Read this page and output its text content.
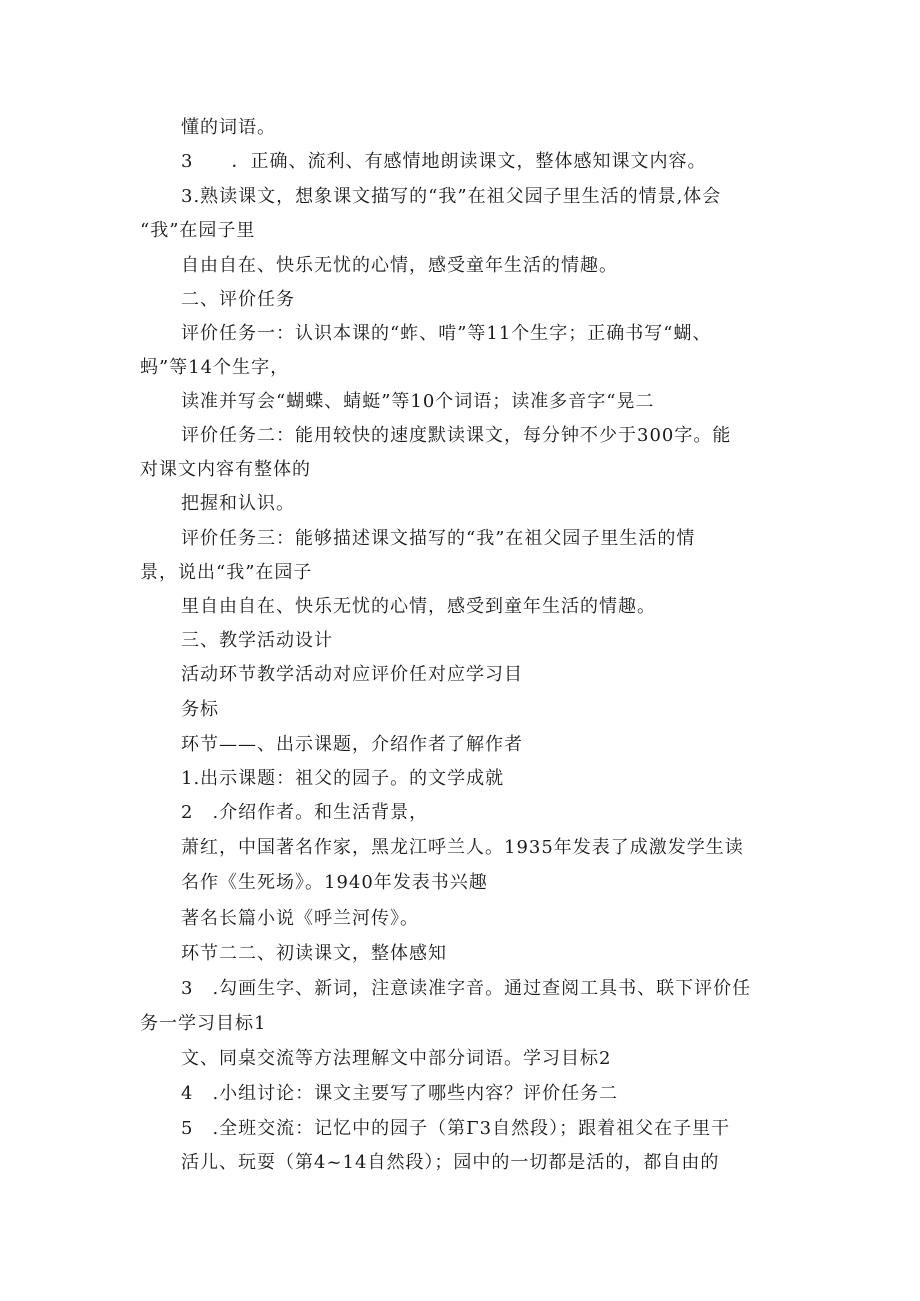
懂的词语。
3　　．正确、流利、有感情地朗读课文，整体感知课文内容。
3.熟读课文，想象课文描写的“我”在祖父园子里生活的情景,体会
“我”在园子里
自由自在、快乐无忧的心情，感受童年生活的情趣。
二、评价任务
评价任务一：认识本课的“蚱、啃”等11个生字；正确书写“蝴、
蚂”等14个生字，
读准并写会“蝴蝶、蜻蜓”等10个词语；读准多音字“晃二
评价任务二：能用较快的速度默读课文，每分钟不少于300字。能
对课文内容有整体的
把握和认识。
评价任务三：能够描述课文描写的“我”在祖父园子里生活的情
景，说出“我”在园子
里自由自在、快乐无忧的心情，感受到童年生活的情趣。
三、教学活动设计
活动环节教学活动对应评价任对应学习目
务标
环节——、出示课题，介绍作者了解作者
1.出示课题：祖父的园子。的文学成就
2　.介绍作者。和生活背景，
萧红，中国著名作家，黑龙江呼兰人。1935年发表了成激发学生读
名作《生死场》。1940年发表书兴趣
著名长篇小说《呼兰河传》。
环节二二、初读课文，整体感知
3　.勾画生字、新词，注意读准字音。通过查阅工具书、联下评价任
务一学习目标1
文、同桌交流等方法理解文中部分词语。学习目标2
4　.小组讨论：课文主要写了哪些内容？评价任务二
5　.全班交流：记忆中的园子（第Γ3自然段）；跟着祖父在子里干
活儿、玩耍（第4~14自然段）；园中的一切都是活的，都自由的
